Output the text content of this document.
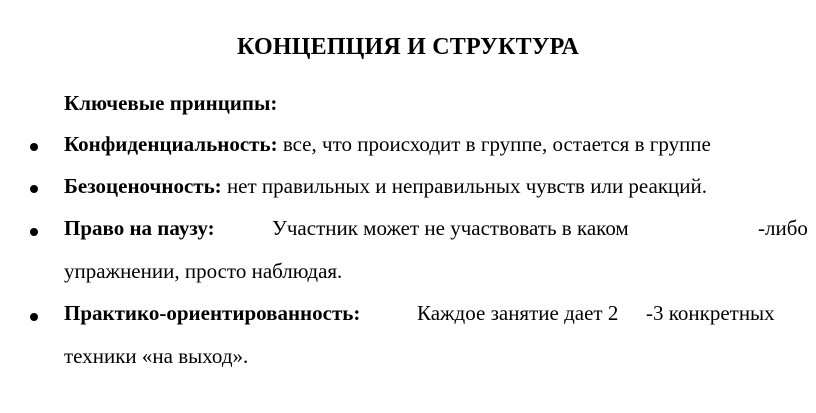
КОНЦЕПЦИЯ И СТРУКТУРА
Ключевые принципы:
Конфиденциальность: все, что происходит в группе, остается в группе
Безоценочность: нет правильных и неправильных чувств или реакций.
Право на паузу:	Участник может не участвовать в каком	-либо
упражнении, просто наблюдая.
Практико-ориентированность:	Каждое занятие дает 2 -3 конкретных
техники «на выход».
